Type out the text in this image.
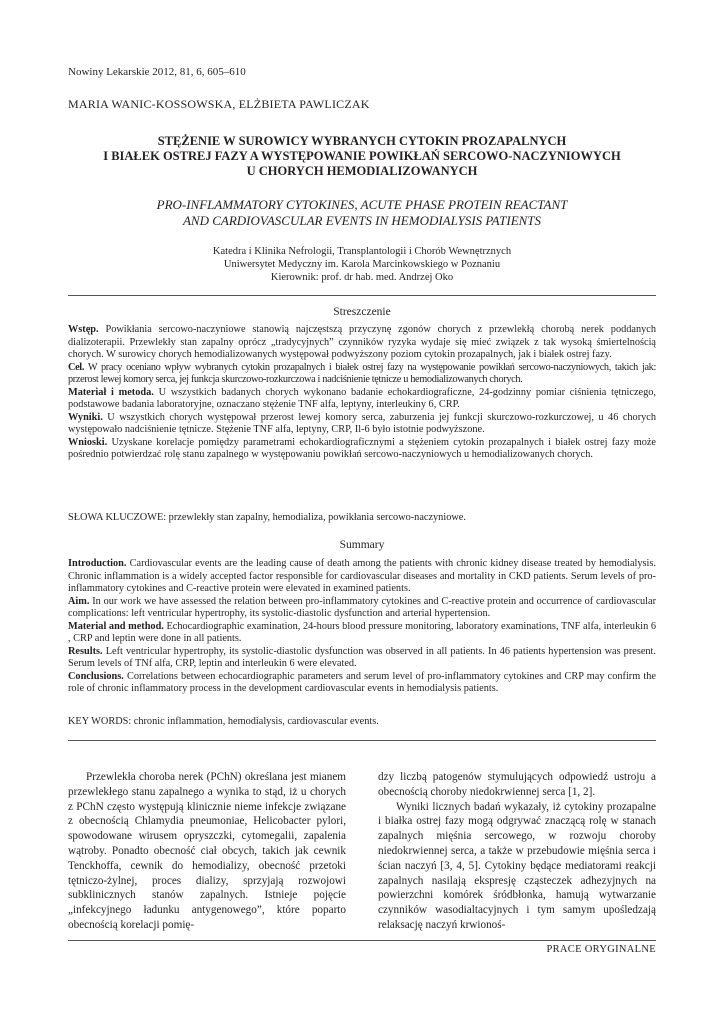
Nowiny Lekarskie 2012, 81, 6, 605–610
MARIA WANIC-KOSSOWSKA, ELŻBIETA PAWLICZAK
STĘŻENIE W SUROWICY WYBRANYCH CYTOKIN PROZAPALNYCH
I BIAŁEK OSTREJ FAZY A WYSTĘPOWANIE POWIKŁAŃ SERCOWO-NACZYNIOWYCH
U CHORYCH HEMODIALIZOWANYCH
PRO-INFLAMMATORY CYTOKINES, ACUTE PHASE PROTEIN REACTANT
AND CARDIOVASCULAR EVENTS IN HEMODIALYSIS PATIENTS
Katedra i Klinika Nefrologii, Transplantologii i Chorób Wewnętrznych
Uniwersytet Medyczny im. Karola Marcinkowskiego w Poznaniu
Kierownik: prof. dr hab. med. Andrzej Oko
Streszczenie

Wstęp. Powikłania sercowo-naczyniowe stanowią najczęstszą przyczynę zgonów chorych z przewlekłą chorobą nerek poddanych dializoterapii. Przewlekły stan zapalny oprócz „tradycyjnych” czynników ryzyka wydaje się mieć związek z tak wysoką śmiertelnością chorych. W surowicy chorych hemodializowanych występował podwyższony poziom cytokin prozapalnych, jak i białek ostrej fazy.

Cel. W pracy oceniano wpływ wybranych cytokin prozapalnych i białek ostrej fazy na występowanie powikłań sercowo-naczyniowych, takich jak: przerost lewej komory serca, jej funkcja skurczowo-rozkurczowa i nadciśnienie tętnicze u hemodializowanych chorych.

Materiał i metoda. U wszystkich badanych chorych wykonano badanie echokardiograficzne, 24-godzinny pomiar ciśnienia tętniczego, podstawowe badania laboratoryjne, oznaczano stężenie TNF alfa, leptyny, interleukiny 6, CRP.

Wyniki. U wszystkich chorych występował przerost lewej komory serca, zaburzenia jej funkcji skurczowo-rozkurczowej, u 46 chorych występowało nadciśnienie tętnicze. Stężenie TNF alfa, leptyny, CRP, Il-6 było istotnie podwyższone.

Wnioski. Uzyskane korelacje pomiędzy parametrami echokardiograficznymi a stężeniem cytokin prozapalnych i białek ostrej fazy może pośrednio potwierdzać rolę stanu zapalnego w występowaniu powikłań sercowo-naczyniowych u hemodializowanych chorych.

SŁOWA KLUCZOWE: przewlekły stan zapalny, hemodializa, powikłania sercowo-naczyniowe.
Summary

Introduction. Cardiovascular events are the leading cause of death among the patients with chronic kidney disease treated by hemodialysis. Chronic inflammation is a widely accepted factor responsible for cardiovascular diseases and mortality in CKD patients. Serum levels of pro-inflammatory cytokines and C-reactive protein were elevated in examined patients.

Aim. In our work we have assessed the relation between pro-inflammatory cytokines and C-reactive protein and occurrence of cardiovascular complications: left ventricular hypertrophy, its systolic-diastolic dysfunction and arterial hypertension.

Material and method. Echocardiographic examination, 24-hours blood pressure monitoring, laboratory examinations, TNF alfa, interleukin 6 , CRP and leptin were done in all patients.

Results. Left ventricular hypertrophy, its systolic-diastolic dysfunction was observed in all patients. In 46 patients hypertension was present. Serum levels of TNf alfa, CRP, leptin and interleukin 6 were elevated.

Conclusions. Correlations between echocardiographic parameters and serum level of pro-inflammatory cytokines and CRP may confirm the role of chronic inflammatory process in the development cardiovascular events in hemodialysis patients.

KEY WORDS: chronic inflammation, hemodialysis, cardiovascular events.

Przewlekła choroba nerek (PChN) określana jest mianem przewlekłego stanu zapalnego a wynika to stąd, iż u chorych z PChN często występują klinicznie nieme infekcje związane z obecnością Chlamydia pneumoniae, Helicobacter pylori, spowodowane wirusem opryszczki, cytomegalii, zapalenia wątroby. Ponadto obecność ciał obcych, takich jak cewnik Tenckhoffa, cewnik do hemodializy, obecność przetoki tętniczo-żylnej, proces dializy, sprzyjają rozwojowi subklinicznych stanów zapalnych. Istnieje pojęcie „infekcyjnego ładunku antygenowego”, które poparto obecnością korelacji pomię-

dzy liczbą patogenów stymulujących odpowiedź ustroju a obecnością choroby niedokrwiennej serca [1, 2].

Wyniki licznych badań wykazały, iż cytokiny prozapalne i białka ostrej fazy mogą odgrywać znaczącą rolę w stanach zapalnych mięśnia sercowego, w rozwoju choroby niedokrwiennej serca, a także w przebudowie mięśnia serca i ścian naczyń [3, 4, 5]. Cytokiny będące mediatorami reakcji zapalnych nasilają ekspresję cząsteczek adhezyjnych na powierzchni komórek śródbłonka, hamują wytwarzanie czynników wasodialtacyjnych i tym samym upośledzają relaksację naczyń krwionoś-

PRACE ORYGINALNE
